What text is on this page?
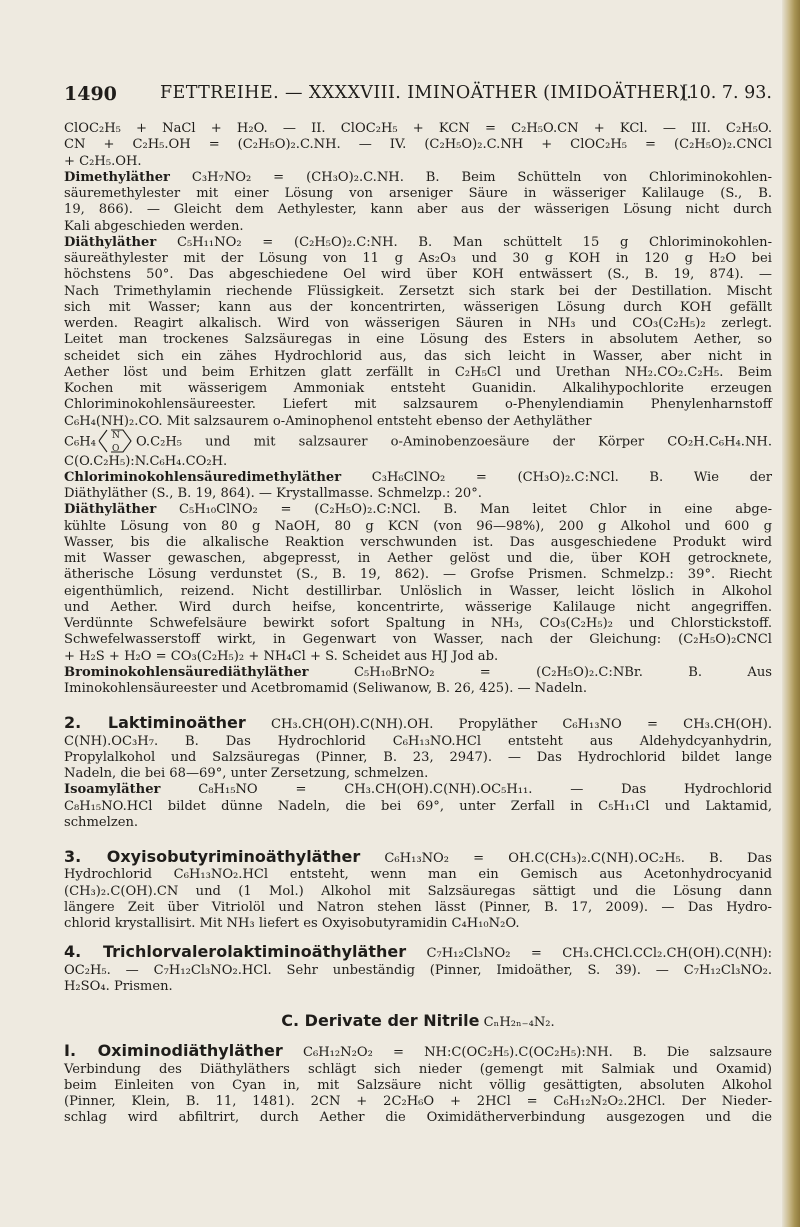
1490 FETTREIHE. — XXXXVIII. IMINOÄTHER (IMIDOÄTHER).
[10. 7. 93.
ClOC₂H₅ + NaCl + H₂O. — II. ClOC₂H₅ + KCN = C₂H₅O.CN + KCl. — III. C₂H₅O.
CN + C₂H₅.OH = (C₂H₅O)₂.C.NH. — IV. (C₂H₅O)₂.C.NH + ClOC₂H₅ = (C₂H₅O)₂.CNCl
+ C₂H₅.OH.
Dimethyläther C₃H₇NO₂ = (CH₃O)₂.C.NH. B. Beim Schütteln von Chloriminokohlen-
säuremethylester mit einer Lösung von arseniger Säure in wässeriger Kalilauge (S., B.
19, 866). — Gleicht dem Aethylester, kann aber aus der wässerigen Lösung nicht durch
Kali abgeschieden werden.
Diäthyläther C₅H₁₁NO₂ = (C₂H₅O)₂.C:NH. B. Man schüttelt 15 g Chloriminokohlen-
säureäthylester mit der Lösung von 11 g As₂O₃ und 30 g KOH in 120 g H₂O bei
höchstens 50°. Das abgeschiedene Oel wird über KOH entwässert (S., B. 19, 874). —
Nach Trimethylamin riechende Flüssigkeit. Zersetzt sich stark bei der Destillation. Mischt
sich mit Wasser; kann aus der koncentrirten, wässerigen Lösung durch KOH gefällt
werden. Reagirt alkalisch. Wird von wässerigen Säuren in NH₃ und CO₃(C₂H₅)₂ zerlegt.
Leitet man trockenes Salzsäuregas in eine Lösung des Esters in absolutem Aether, so
scheidet sich ein zähes Hydrochlorid aus, das sich leicht in Wasser, aber nicht in
Aether löst und beim Erhitzen glatt zerfällt in C₂H₅Cl und Urethan NH₂.CO₂.C₂H₅. Beim
Kochen mit wässerigem Ammoniak entsteht Guanidin. Alkalihypochlorite erzeugen
Chloriminokohlensäureester. Liefert mit salzsaurem o-Phenylendiamin Phenylenharnstoff
C₆H₄(NH)₂.CO. Mit salzsaurem o-Aminophenol entsteht ebenso der Aethyläther
C₆H₄ N
O O.C₂H₅ und mit salzsaurer o-Aminobenzoesäure der Körper CO₂H.C₆H₄.NH.
C(O.C₂H₅):N.C₆H₄.CO₂H.
Chloriminokohlensäuredimethyläther C₃H₆ClNO₂ = (CH₃O)₂.C:NCl. B. Wie der
Diäthyläther (S., B. 19, 864). — Krystallmasse. Schmelzp.: 20°.
Diäthyläther C₅H₁₀ClNO₂ = (C₂H₅O)₂.C:NCl. B. Man leitet Chlor in eine abge-
kühlte Lösung von 80 g NaOH, 80 g KCN (von 96—98%), 200 g Alkohol und 600 g
Wasser, bis die alkalische Reaktion verschwunden ist. Das ausgeschiedene Produkt wird
mit Wasser gewaschen, abgepresst, in Aether gelöst und die, über KOH getrocknete,
ätherische Lösung verdunstet (S., B. 19, 862). — Grofse Prismen. Schmelzp.: 39°. Riecht
eigenthümlich, reizend. Nicht destillirbar. Unlöslich in Wasser, leicht löslich in Alkohol
und Aether. Wird durch heifse, koncentrirte, wässerige Kalilauge nicht angegriffen.
Verdünnte Schwefelsäure bewirkt sofort Spaltung in NH₃, CO₃(C₂H₅)₂ und Chlorstickstoff.
Schwefelwasserstoff wirkt, in Gegenwart von Wasser, nach der Gleichung: (C₂H₅O)₂CNCl
+ H₂S + H₂O = CO₃(C₂H₅)₂ + NH₄Cl + S. Scheidet aus HJ Jod ab.
Brominokohlensäurediäthyläther C₅H₁₀BrNO₂ = (C₂H₅O)₂.C:NBr. B. Aus
Iminokohlensäureester und Acetbromamid (Seliwanow, B. 26, 425). — Nadeln.
2. Laktiminoäther CH₃.CH(OH).C(NH).OH. Propyläther C₆H₁₃NO = CH₃.CH(OH).
C(NH).OC₃H₇. B. Das Hydrochlorid C₆H₁₃NO.HCl entsteht aus Aldehydcyanhydrin,
Propylalkohol und Salzsäuregas (Pinner, B. 23, 2947). — Das Hydrochlorid bildet lange
Nadeln, die bei 68—69°, unter Zersetzung, schmelzen.
Isoamyläther C₈H₁₅NO = CH₃.CH(OH).C(NH).OC₅H₁₁. — Das Hydrochlorid
C₈H₁₅NO.HCl bildet dünne Nadeln, die bei 69°, unter Zerfall in C₅H₁₁Cl und Laktamid,
schmelzen.
3. Oxyisobutyriminoäthyläther C₆H₁₃NO₂ = OH.C(CH₃)₂.C(NH).OC₂H₅. B. Das
Hydrochlorid C₆H₁₃NO₂.HCl entsteht, wenn man ein Gemisch aus Acetonhydrocyanid
(CH₃)₂.C(OH).CN und (1 Mol.) Alkohol mit Salzsäuregas sättigt und die Lösung dann
längere Zeit über Vitriolöl und Natron stehen lässt (Pinner, B. 17, 2009). — Das Hydro-
chlorid krystallisirt. Mit NH₃ liefert es Oxyisobutyramidin C₄H₁₀N₂O.
4. Trichlorvalerolaktiminoäthyläther C₇H₁₂Cl₃NO₂ = CH₃.CHCl.CCl₂.CH(OH).C(NH):
OC₂H₅. — C₇H₁₂Cl₃NO₂.HCl. Sehr unbeständig (Pinner, Imidoäther, S. 39). — C₇H₁₂Cl₃NO₂.
H₂SO₄. Prismen.
C. Derivate der Nitrile CₙH₂ₙ₋₄N₂.
I. Oximinodiäthyläther C₆H₁₂N₂O₂ = NH:C(OC₂H₅).C(OC₂H₅):NH. B. Die salzsaure
Verbindung des Diäthyläthers schlägt sich nieder (gemengt mit Salmiak und Oxamid)
beim Einleiten von Cyan in, mit Salzsäure nicht völlig gesättigten, absoluten Alkohol
(Pinner, Klein, B. 11, 1481). 2CN + 2C₂H₆O + 2HCl = C₆H₁₂N₂O₂.2HCl. Der Nieder-
schlag wird abfiltrirt, durch Aether die Oximidätherverbindung ausgezogen und die
